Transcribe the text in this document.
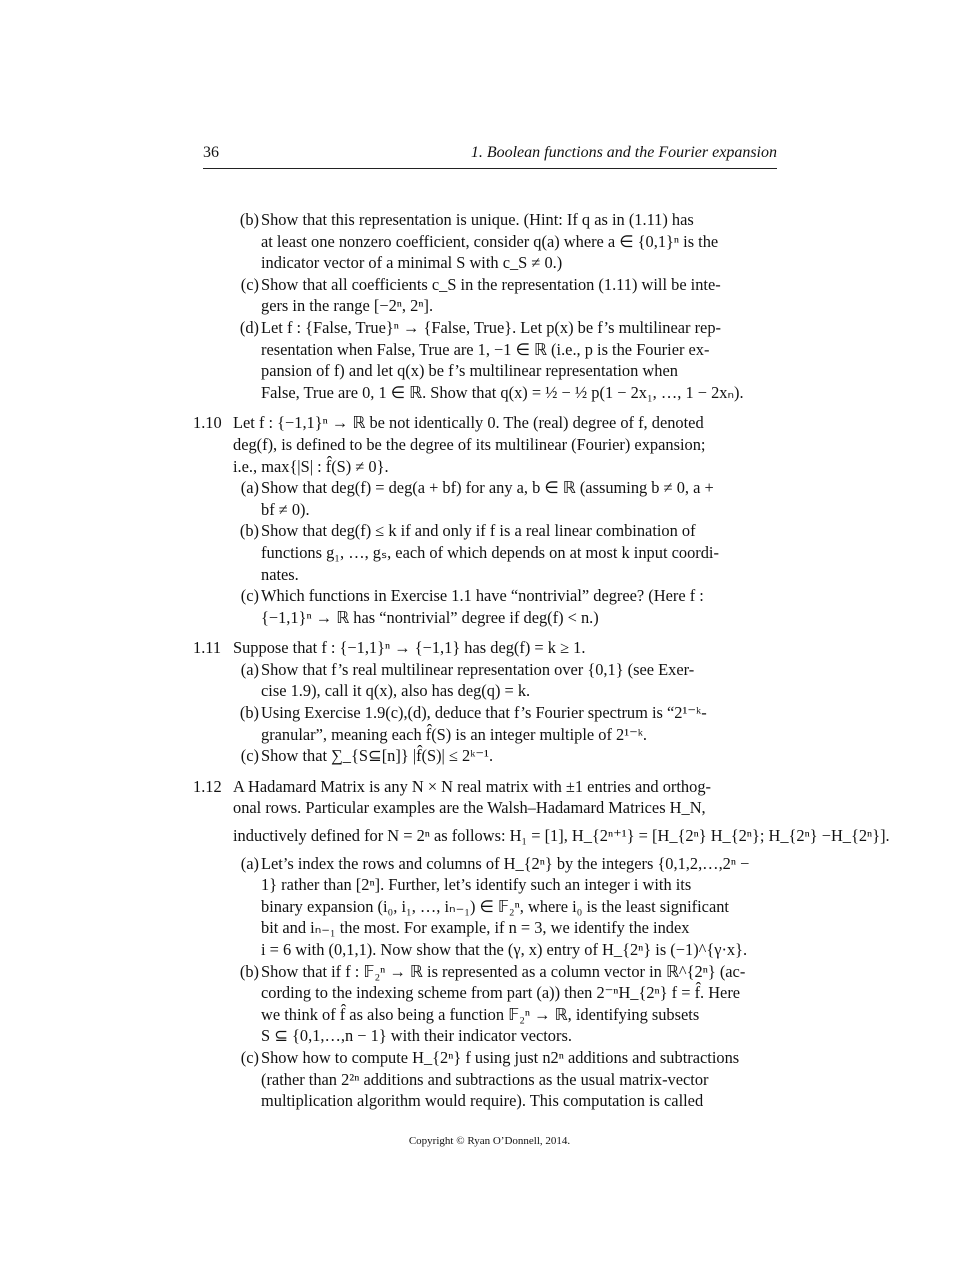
36	1. Boolean functions and the Fourier expansion
(b) Show that this representation is unique. (Hint: If q as in (1.11) has
at least one nonzero coefficient, consider q(a) where a ∈ {0,1}ⁿ is the
indicator vector of a minimal S with c_S ≠ 0.)
(c) Show that all coefficients c_S in the representation (1.11) will be inte-
gers in the range [−2ⁿ, 2ⁿ].
(d) Let f : {False, True}ⁿ → {False, True}. Let p(x) be f’s multilinear rep-
resentation when False, True are 1, −1 ∈ ℝ (i.e., p is the Fourier ex-
pansion of f) and let q(x) be f’s multilinear representation when
False, True are 0, 1 ∈ ℝ. Show that q(x) = ½ − ½ p(1 − 2x₁, …, 1 − 2xₙ).
1.10 Let f : {−1,1}ⁿ → ℝ be not identically 0. The (real) degree of f, denoted
deg(f), is defined to be the degree of its multilinear (Fourier) expansion;
i.e., max{|S| : f̂(S) ≠ 0}.
(a) Show that deg(f) = deg(a + bf) for any a, b ∈ ℝ (assuming b ≠ 0, a +
bf ≠ 0).
(b) Show that deg(f) ≤ k if and only if f is a real linear combination of
functions g₁, …, gₛ, each of which depends on at most k input coordi-
nates.
(c) Which functions in Exercise 1.1 have “nontrivial” degree? (Here f :
{−1,1}ⁿ → ℝ has “nontrivial” degree if deg(f) < n.)
1.11 Suppose that f : {−1,1}ⁿ → {−1,1} has deg(f) = k ≥ 1.
(a) Show that f’s real multilinear representation over {0,1} (see Exer-
cise 1.9), call it q(x), also has deg(q) = k.
(b) Using Exercise 1.9(c),(d), deduce that f’s Fourier spectrum is “2¹⁻ᵏ-
granular”, meaning each f̂(S) is an integer multiple of 2¹⁻ᵏ.
(c) Show that ∑_{S⊆[n]} |f̂(S)| ≤ 2ᵏ⁻¹.
1.12 A Hadamard Matrix is any N × N real matrix with ±1 entries and orthog-
onal rows. Particular examples are the Walsh–Hadamard Matrices H_N,
inductively defined for N = 2ⁿ as follows: H₁ = [1], H_{2ⁿ⁺¹} = [H_{2ⁿ} H_{2ⁿ}; H_{2ⁿ} −H_{2ⁿ}].
(a) Let’s index the rows and columns of H_{2ⁿ} by the integers {0,1,2,…,2ⁿ −
1} rather than [2ⁿ]. Further, let’s identify such an integer i with its
binary expansion (i₀, i₁, …, iₙ₋₁) ∈ 𝔽₂ⁿ, where i₀ is the least significant
bit and iₙ₋₁ the most. For example, if n = 3, we identify the index
i = 6 with (0,1,1). Now show that the (γ, x) entry of H_{2ⁿ} is (−1)^{γ·x}.
(b) Show that if f : 𝔽₂ⁿ → ℝ is represented as a column vector in ℝ^{2ⁿ} (ac-
cording to the indexing scheme from part (a)) then 2⁻ⁿH_{2ⁿ} f = f̂. Here
we think of f̂ as also being a function 𝔽₂ⁿ → ℝ, identifying subsets
S ⊆ {0,1,…,n − 1} with their indicator vectors.
(c) Show how to compute H_{2ⁿ} f using just n2ⁿ additions and subtractions
(rather than 2²ⁿ additions and subtractions as the usual matrix-vector
multiplication algorithm would require). This computation is called
Copyright © Ryan O’Donnell, 2014.
